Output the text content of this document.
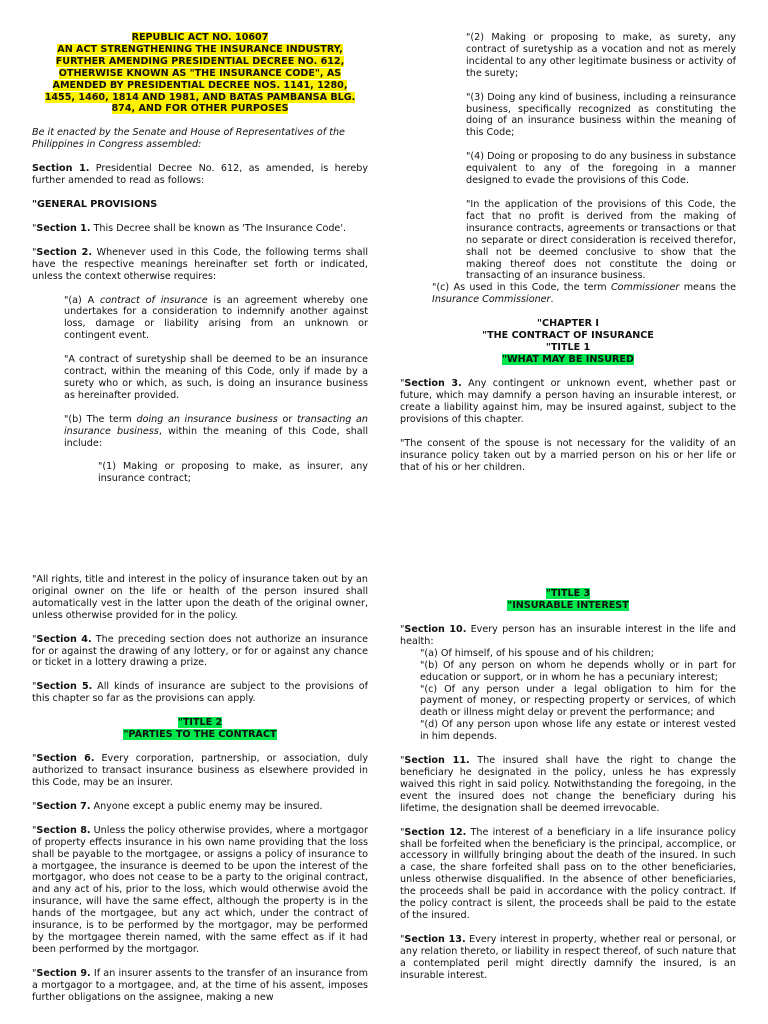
REPUBLIC ACT NO. 10607
AN ACT STRENGTHENING THE INSURANCE INDUSTRY,
FURTHER AMENDING PRESIDENTIAL DECREE NO. 612,
OTHERWISE KNOWN AS "THE INSURANCE CODE", AS
AMENDED BY PRESIDENTIAL DECREE NOS. 1141, 1280,
1455, 1460, 1814 AND 1981, AND BATAS PAMBANSA BLG.
874, AND FOR OTHER PURPOSES

Be it enacted by the Senate and House of Representatives of the Philippines in Congress assembled:

Section 1. Presidential Decree No. 612, as amended, is hereby further amended to read as follows:

"GENERAL PROVISIONS

"Section 1. This Decree shall be known as 'The Insurance Code'.

"Section 2. Whenever used in this Code, the following terms shall have the respective meanings hereinafter set forth or indicated, unless the context otherwise requires:

"(a) A contract of insurance is an agreement whereby one undertakes for a consideration to indemnify another against loss, damage or liability arising from an unknown or contingent event.

"A contract of suretyship shall be deemed to be an insurance contract, within the meaning of this Code, only if made by a surety who or which, as such, is doing an insurance business as hereinafter provided.

"(b) The term doing an insurance business or transacting an insurance business, within the meaning of this Code, shall include:

"(1) Making or proposing to make, as insurer, any insurance contract;

"(2) Making or proposing to make, as surety, any contract of suretyship as a vocation and not as merely incidental to any other legitimate business or activity of the surety;

"(3) Doing any kind of business, including a reinsurance business, specifically recognized as constituting the doing of an insurance business within the meaning of this Code;

"(4) Doing or proposing to do any business in substance equivalent to any of the foregoing in a manner designed to evade the provisions of this Code.

"In the application of the provisions of this Code, the fact that no profit is derived from the making of insurance contracts, agreements or transactions or that no separate or direct consideration is received therefor, shall not be deemed conclusive to show that the making thereof does not constitute the doing or transacting of an insurance business.

"(c) As used in this Code, the term Commissioner means the Insurance Commissioner.

"CHAPTER I

"THE CONTRACT OF INSURANCE

"TITLE 1

"WHAT MAY BE INSURED

"Section 3. Any contingent or unknown event, whether past or future, which may damnify a person having an insurable interest, or create a liability against him, may be insured against, subject to the provisions of this chapter.

"The consent of the spouse is not necessary for the validity of an insurance policy taken out by a married person on his or her life or that of his or her children.

"All rights, title and interest in the policy of insurance taken out by an original owner on the life or health of the person insured shall automatically vest in the latter upon the death of the original owner, unless otherwise provided for in the policy.

"Section 4. The preceding section does not authorize an insurance for or against the drawing of any lottery, or for or against any chance or ticket in a lottery drawing a prize.

"Section 5. All kinds of insurance are subject to the provisions of this chapter so far as the provisions can apply.

"TITLE 2

"PARTIES TO THE CONTRACT

"Section 6. Every corporation, partnership, or association, duly authorized to transact insurance business as elsewhere provided in this Code, may be an insurer.

"Section 7. Anyone except a public enemy may be insured.

"Section 8. Unless the policy otherwise provides, where a mortgagor of property effects insurance in his own name providing that the loss shall be payable to the mortgagee, or assigns a policy of insurance to a mortgagee, the insurance is deemed to be upon the interest of the mortgagor, who does not cease to be a party to the original contract, and any act of his, prior to the loss, which would otherwise avoid the insurance, will have the same effect, although the property is in the hands of the mortgagee, but any act which, under the contract of insurance, is to be performed by the mortgagor, may be performed by the mortgagee therein named, with the same effect as if it had been performed by the mortgagor.

"Section 9. If an insurer assents to the transfer of an insurance from a mortgagor to a mortgagee, and, at the time of his assent, imposes further obligations on the assignee, making a new

"TITLE 3

"INSURABLE INTEREST

"Section 10. Every person has an insurable interest in the life and health:

"(a) Of himself, of his spouse and of his children;

"(b) Of any person on whom he depends wholly or in part for education or support, or in whom he has a pecuniary interest;

"(c) Of any person under a legal obligation to him for the payment of money, or respecting property or services, of which death or illness might delay or prevent the performance; and

"(d) Of any person upon whose life any estate or interest vested in him depends.

"Section 11. The insured shall have the right to change the beneficiary he designated in the policy, unless he has expressly waived this right in said policy. Notwithstanding the foregoing, in the event the insured does not change the beneficiary during his lifetime, the designation shall be deemed irrevocable.

"Section 12. The interest of a beneficiary in a life insurance policy shall be forfeited when the beneficiary is the principal, accomplice, or accessory in willfully bringing about the death of the insured. In such a case, the share forfeited shall pass on to the other beneficiaries, unless otherwise disqualified. In the absence of other beneficiaries, the proceeds shall be paid in accordance with the policy contract. If the policy contract is silent, the proceeds shall be paid to the estate of the insured.

"Section 13. Every interest in property, whether real or personal, or any relation thereto, or liability in respect thereof, of such nature that a contemplated peril might directly damnify the insured, is an insurable interest.
